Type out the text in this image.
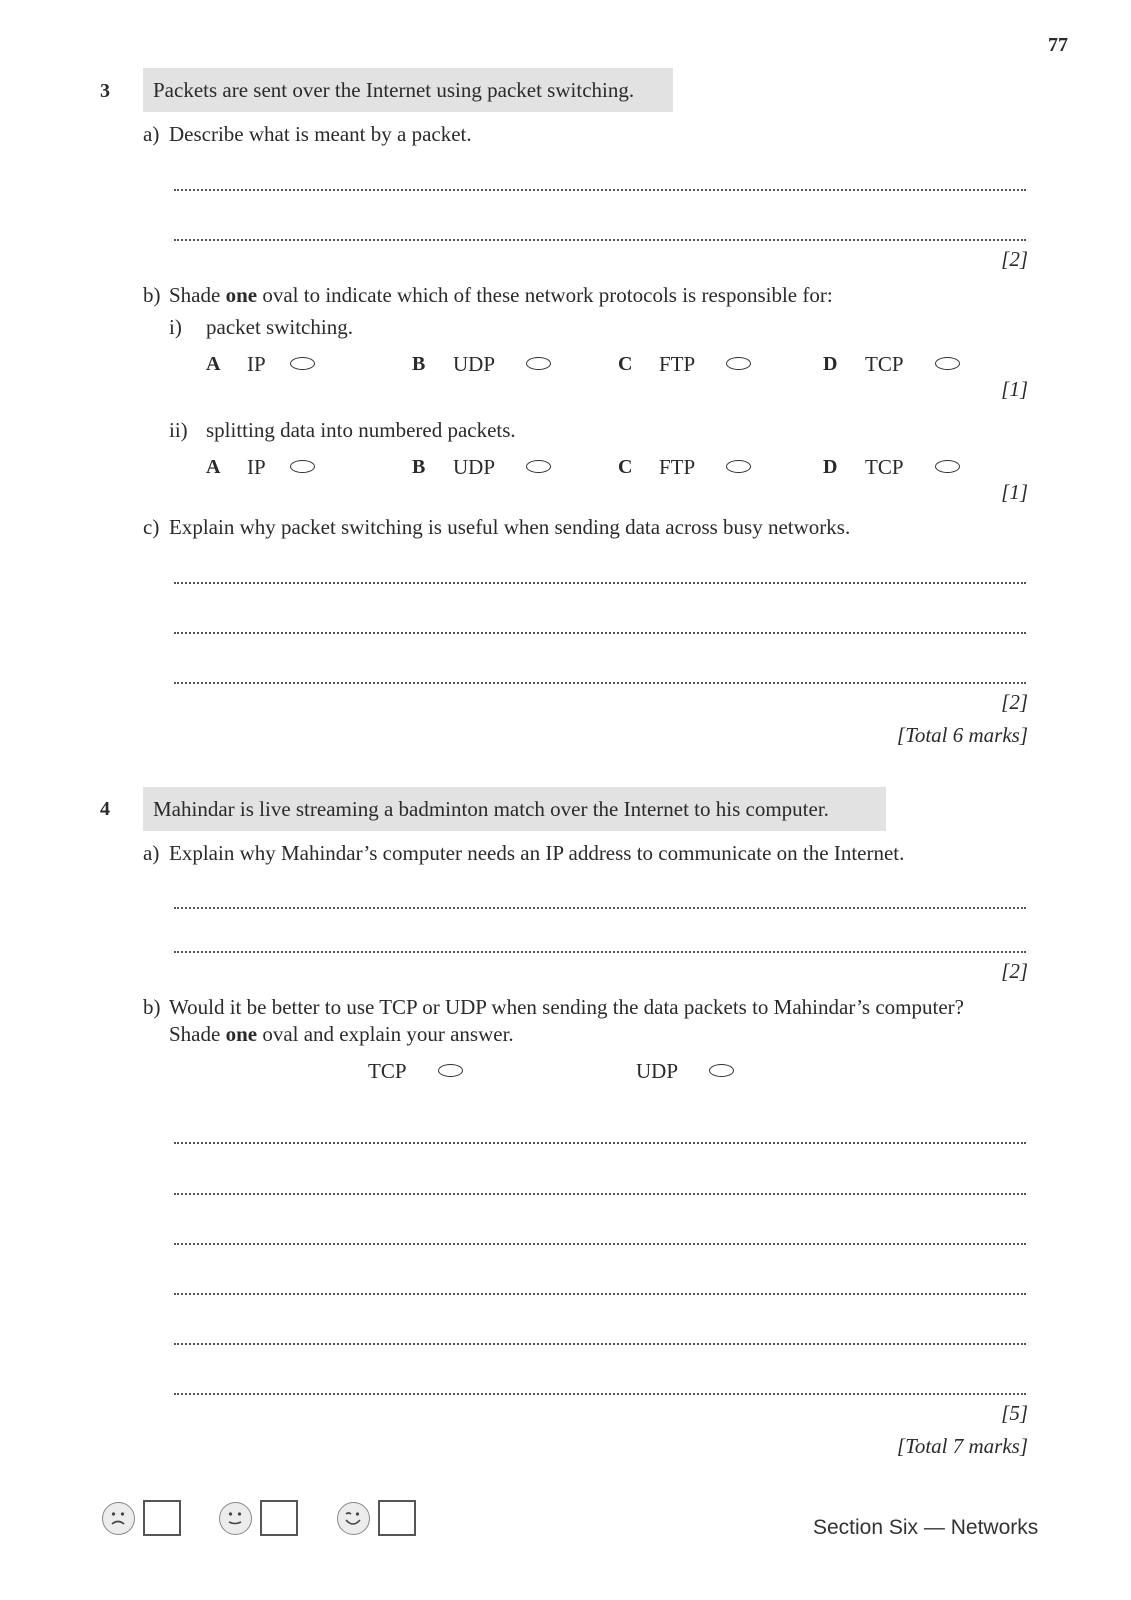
77
3	Packets are sent over the Internet using packet switching.
a) Describe what is meant by a packet.
[2]
b) Shade one oval to indicate which of these network protocols is responsible for:
i) packet switching.
A IP	B UDP	C FTP	D TCP
[1]
ii) splitting data into numbered packets.
A IP	B UDP	C FTP	D TCP
[1]
c) Explain why packet switching is useful when sending data across busy networks.
[2]
[Total 6 marks]
4	Mahindar is live streaming a badminton match over the Internet to his computer.
a) Explain why Mahindar’s computer needs an IP address to communicate on the Internet.
[2]
b) Would it be better to use TCP or UDP when sending the data packets to Mahindar’s computer?
Shade one oval and explain your answer.
TCP	UDP
[5]
[Total 7 marks]
Section Six — Networks
